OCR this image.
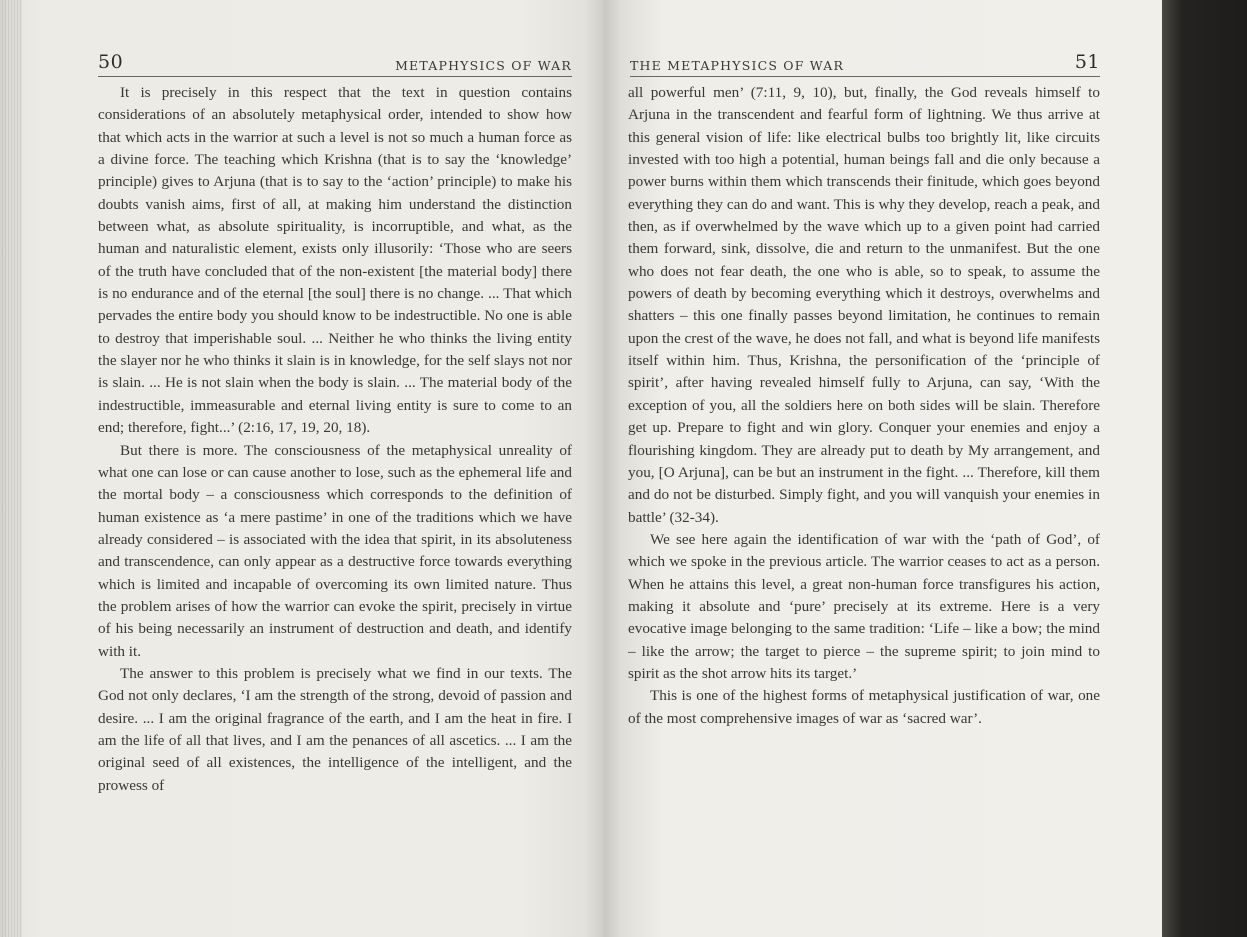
50	METAPHYSICS OF WAR

It is precisely in this respect that the text in question contains considerations of an absolutely metaphysical order, intended to show how that which acts in the warrior at such a level is not so much a human force as a divine force. The teaching which Krishna (that is to say the ‘knowledge’ principle) gives to Arjuna (that is to say to the ‘action’ principle) to make his doubts vanish aims, first of all, at making him understand the distinction between what, as absolute spirituality, is incorruptible, and what, as the human and naturalistic element, exists only illusorily: ‘Those who are seers of the truth have concluded that of the non-existent [the material body] there is no endurance and of the eternal [the soul] there is no change. ... That which pervades the entire body you should know to be indestructible. No one is able to destroy that imperishable soul. ... Neither he who thinks the living entity the slayer nor he who thinks it slain is in knowledge, for the self slays not nor is slain. ... He is not slain when the body is slain. ... The material body of the indestructible, immeasurable and eternal living entity is sure to come to an end; therefore, fight...’ (2:16, 17, 19, 20, 18).

But there is more. The consciousness of the metaphysical unreality of what one can lose or can cause another to lose, such as the ephemeral life and the mortal body – a consciousness which corresponds to the definition of human existence as ‘a mere pastime’ in one of the traditions which we have already considered – is associated with the idea that spirit, in its absoluteness and transcendence, can only appear as a destructive force towards everything which is limited and incapable of overcoming its own limited nature. Thus the problem arises of how the warrior can evoke the spirit, precisely in virtue of his being necessarily an instrument of destruction and death, and identify with it.

The answer to this problem is precisely what we find in our texts. The God not only declares, ‘I am the strength of the strong, devoid of passion and desire. ... I am the original fragrance of the earth, and I am the heat in fire. I am the life of all that lives, and I am the penances of all ascetics. ... I am the original seed of all existences, the intelligence of the intelligent, and the prowess of

THE METAPHYSICS OF WAR	51

all powerful men’ (7:11, 9, 10), but, finally, the God reveals himself to Arjuna in the transcendent and fearful form of lightning. We thus arrive at this general vision of life: like electrical bulbs too brightly lit, like circuits invested with too high a potential, human beings fall and die only because a power burns within them which transcends their finitude, which goes beyond everything they can do and want. This is why they develop, reach a peak, and then, as if overwhelmed by the wave which up to a given point had carried them forward, sink, dissolve, die and return to the unmanifest. But the one who does not fear death, the one who is able, so to speak, to assume the powers of death by becoming everything which it destroys, overwhelms and shatters – this one finally passes beyond limitation, he continues to remain upon the crest of the wave, he does not fall, and what is beyond life manifests itself within him. Thus, Krishna, the personification of the ‘principle of spirit’, after having revealed himself fully to Arjuna, can say, ‘With the exception of you, all the soldiers here on both sides will be slain. Therefore get up. Prepare to fight and win glory. Conquer your enemies and enjoy a flourishing kingdom. They are already put to death by My arrangement, and you, [O Arjuna], can be but an instrument in the fight. ... Therefore, kill them and do not be disturbed. Simply fight, and you will vanquish your enemies in battle’ (32-34).

We see here again the identification of war with the ‘path of God’, of which we spoke in the previous article. The warrior ceases to act as a person. When he attains this level, a great non-human force transfigures his action, making it absolute and ‘pure’ precisely at its extreme. Here is a very evocative image belonging to the same tradition: ‘Life – like a bow; the mind – like the arrow; the target to pierce – the supreme spirit; to join mind to spirit as the shot arrow hits its target.’

This is one of the highest forms of metaphysical justification of war, one of the most comprehensive images of war as ‘sacred war’.
